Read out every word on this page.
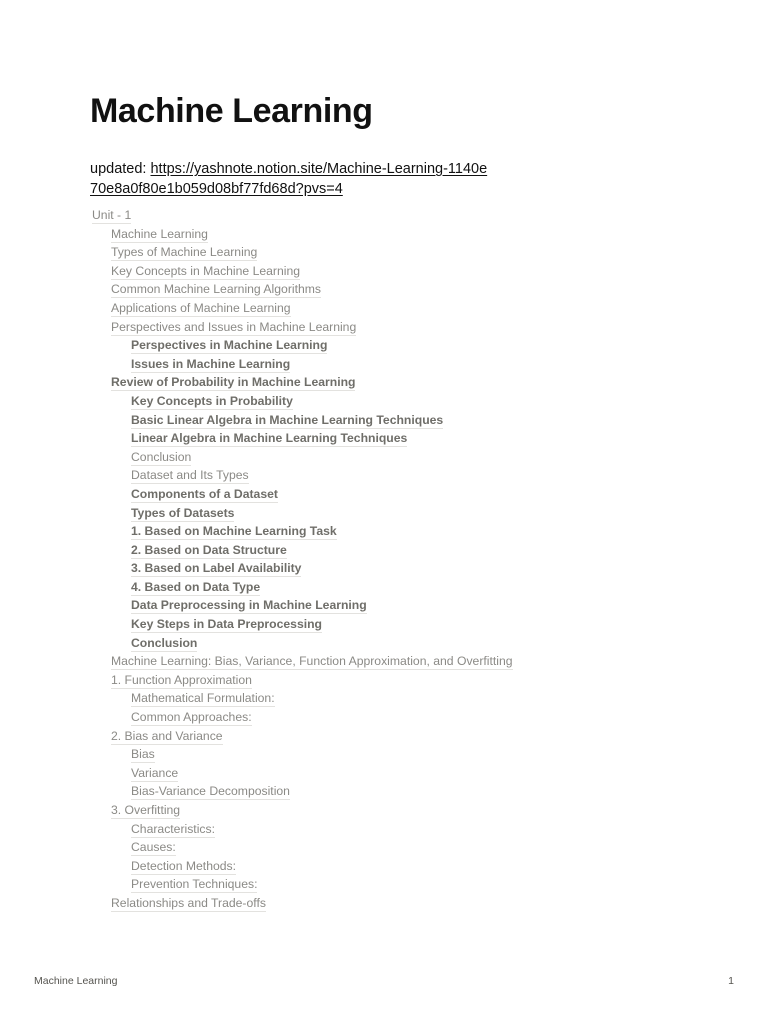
Machine Learning
updated: https://yashnote.notion.site/Machine-Learning-1140e70e8a0f80e1b059d08bf77fd68d?pvs=4
Unit - 1
Machine Learning
Types of Machine Learning
Key Concepts in Machine Learning
Common Machine Learning Algorithms
Applications of Machine Learning
Perspectives and Issues in Machine Learning
Perspectives in Machine Learning
Issues in Machine Learning
Review of Probability in Machine Learning
Key Concepts in Probability
Basic Linear Algebra in Machine Learning Techniques
Linear Algebra in Machine Learning Techniques
Conclusion
Dataset and Its Types
Components of a Dataset
Types of Datasets
1. Based on Machine Learning Task
2. Based on Data Structure
3. Based on Label Availability
4. Based on Data Type
Data Preprocessing in Machine Learning
Key Steps in Data Preprocessing
Conclusion
Machine Learning: Bias, Variance, Function Approximation, and Overfitting
1. Function Approximation
Mathematical Formulation:
Common Approaches:
2. Bias and Variance
Bias
Variance
Bias-Variance Decomposition
3. Overfitting
Characteristics:
Causes:
Detection Methods:
Prevention Techniques:
Relationships and Trade-offs
Machine Learning	1
